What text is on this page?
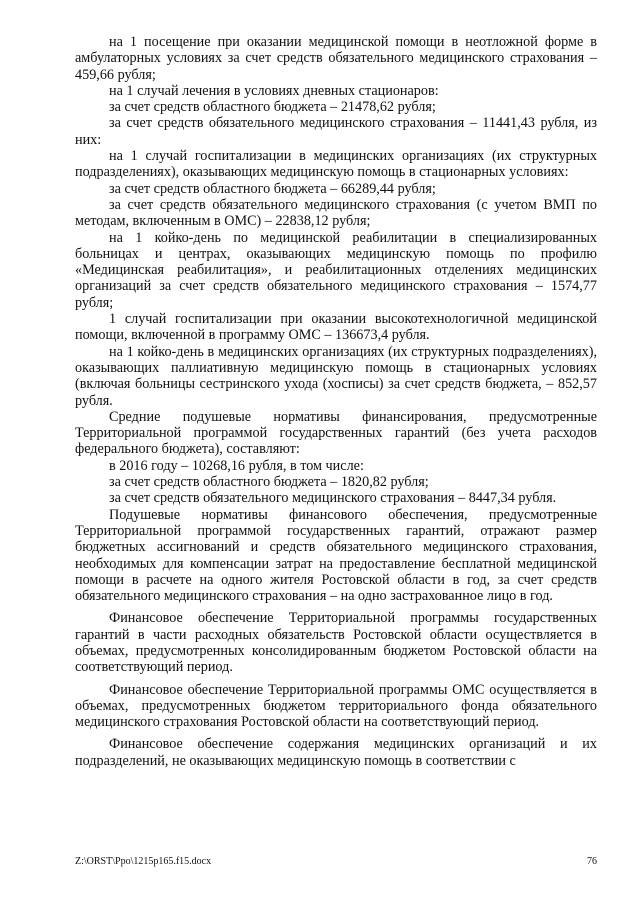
на 1 посещение при оказании медицинской помощи в неотложной форме в амбулаторных условиях за счет средств обязательного медицинского страхования – 459,66 рубля;

на 1 случай лечения в условиях дневных стационаров:

за счет средств областного бюджета – 21478,62 рубля;

за счет средств обязательного медицинского страхования – 11441,43 рубля, из них:

на 1 случай госпитализации в медицинских организациях (их структурных подразделениях), оказывающих медицинскую помощь в стационарных условиях:

за счет средств областного бюджета – 66289,44 рубля;

за счет средств обязательного медицинского страхования (с учетом ВМП по методам, включенным в ОМС) – 22838,12 рубля;

на 1 койко-день по медицинской реабилитации в специализированных больницах и центрах, оказывающих медицинскую помощь по профилю «Медицинская реабилитация», и реабилитационных отделениях медицинских организаций за счет средств обязательного медицинского страхования – 1574,77 рубля;

1 случай госпитализации при оказании высокотехнологичной медицинской помощи, включенной в программу ОМС – 136673,4 рубля.

на 1 койко-день в медицинских организациях (их структурных подразделениях), оказывающих паллиативную медицинскую помощь в стационарных условиях (включая больницы сестринского ухода (хосписы) за счет средств бюджета, – 852,57 рубля.

Средние подушевые нормативы финансирования, предусмотренные Территориальной программой государственных гарантий (без учета расходов федерального бюджета), составляют:

в 2016 году – 10268,16 рубля, в том числе:

за счет средств областного бюджета – 1820,82 рубля;

за счет средств обязательного медицинского страхования – 8447,34 рубля.

Подушевые нормативы финансового обеспечения, предусмотренные Территориальной программой государственных гарантий, отражают размер бюджетных ассигнований и средств обязательного медицинского страхования, необходимых для компенсации затрат на предоставление бесплатной медицинской помощи в расчете на одного жителя Ростовской области в год, за счет средств обязательного медицинского страхования – на одно застрахованное лицо в год.

Финансовое обеспечение Территориальной программы государственных гарантий в части расходных обязательств Ростовской области осуществляется в объемах, предусмотренных консолидированным бюджетом Ростовской области на соответствующий период.

Финансовое обеспечение Территориальной программы ОМС осуществляется в объемах, предусмотренных бюджетом территориального фонда обязательного медицинского страхования Ростовской области на соответствующий период.

Финансовое обеспечение содержания медицинских организаций и их подразделений, не оказывающих медицинскую помощь в соответствии с

Z:\ORST\Ppo\1215p165.f15.docx	76
